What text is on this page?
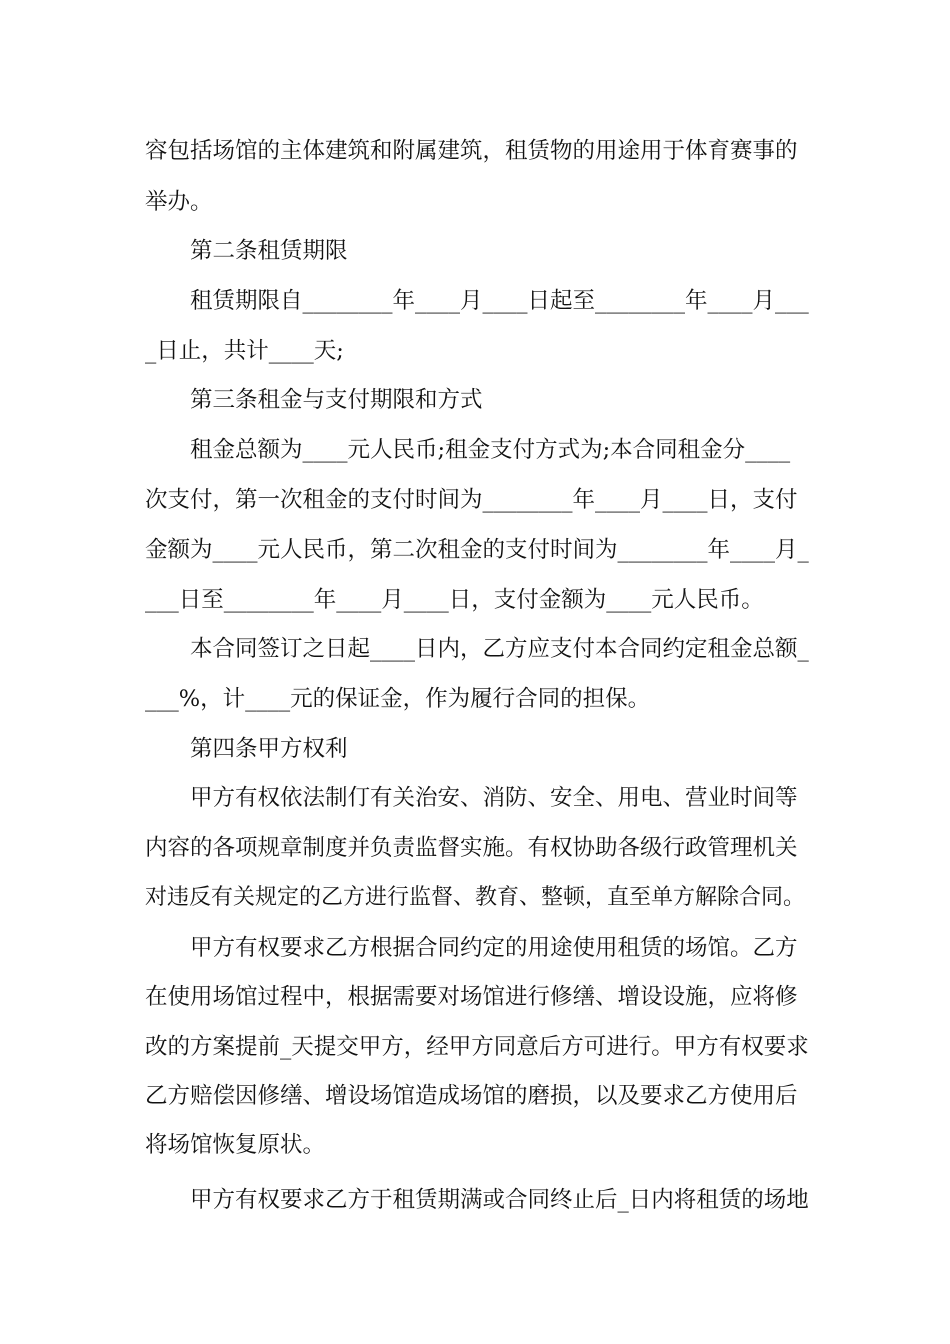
容包括场馆的主体建筑和附属建筑，租赁物的用途用于体育赛事的
举办。
第二条租赁期限
租赁期限自________年____月____日起至________年____月___
_日止，共计____天;
第三条租金与支付期限和方式
租金总额为____元人民币;租金支付方式为;本合同租金分____
次支付，第一次租金的支付时间为________年____月____日，支付
金额为____元人民币，第二次租金的支付时间为________年____月_
___日至________年____月____日，支付金额为____元人民币。
本合同签订之日起____日内，乙方应支付本合同约定租金总额_
___%，计____元的保证金，作为履行合同的担保。
第四条甲方权利
甲方有权依法制仃有关治安、消防、安全、用电、营业时间等
内容的各项规章制度并负责监督实施。有权协助各级行政管理机关
对违反有关规定的乙方进行监督、教育、整顿，直至单方解除合同。
甲方有权要求乙方根据合同约定的用途使用租赁的场馆。乙方
在使用场馆过程中，根据需要对场馆进行修缮、增设设施，应将修
改的方案提前_天提交甲方，经甲方同意后方可进行。甲方有权要求
乙方赔偿因修缮、增设场馆造成场馆的磨损，以及要求乙方使用后
将场馆恢复原状。
甲方有权要求乙方于租赁期满或合同终止后_日内将租赁的场地
